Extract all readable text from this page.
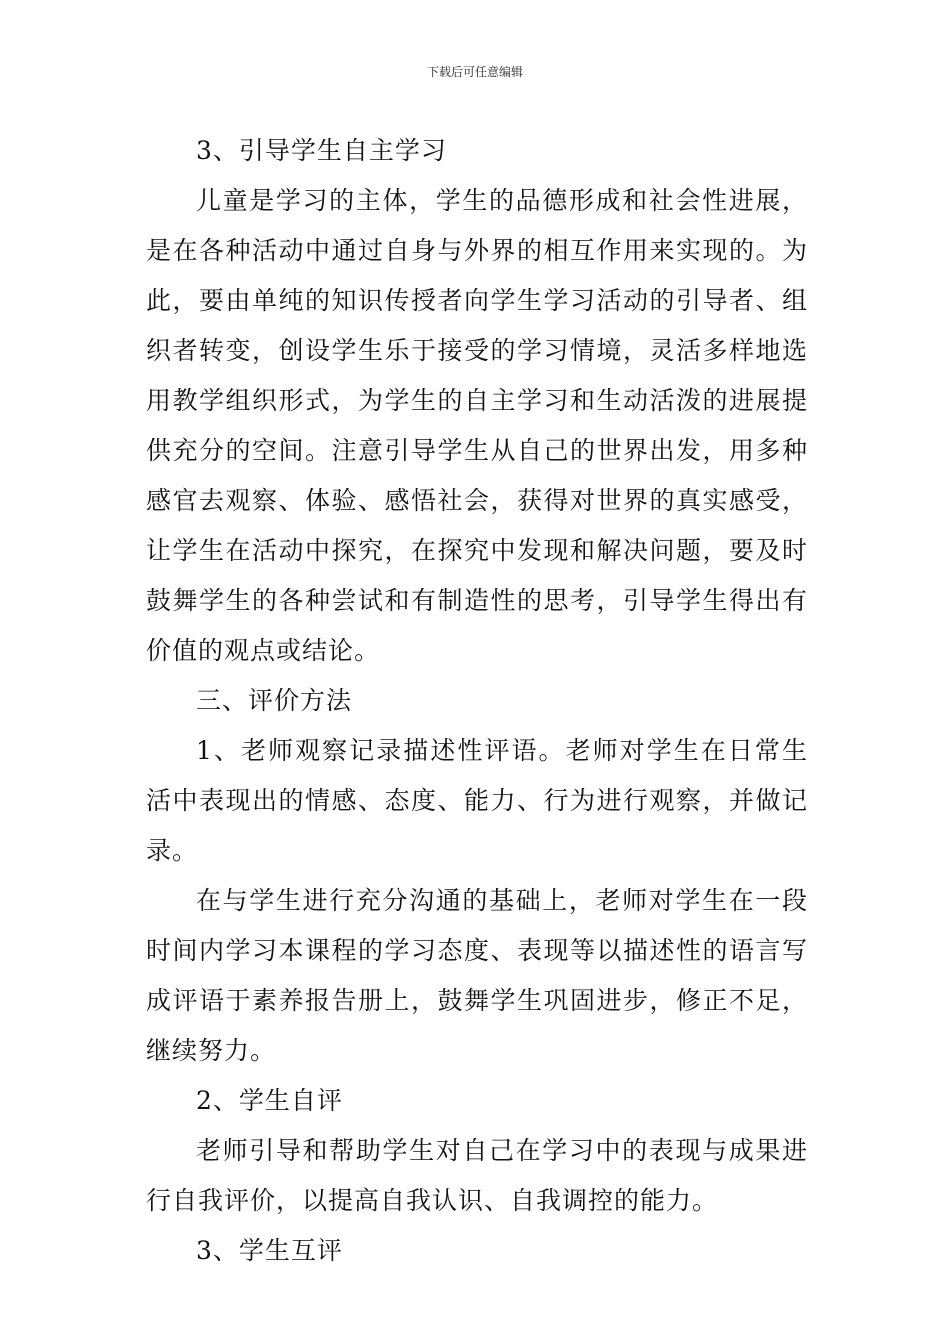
下载后可任意编辑

3、引导学生自主学习

儿童是学习的主体，学生的品德形成和社会性进展，是在各种活动中通过自身与外界的相互作用来实现的。为此，要由单纯的知识传授者向学生学习活动的引导者、组织者转变，创设学生乐于接受的学习情境，灵活多样地选用教学组织形式，为学生的自主学习和生动活泼的进展提供充分的空间。注意引导学生从自己的世界出发，用多种感官去观察、体验、感悟社会，获得对世界的真实感受，让学生在活动中探究，在探究中发现和解决问题，要及时鼓舞学生的各种尝试和有制造性的思考，引导学生得出有价值的观点或结论。

三、评价方法

1、老师观察记录描述性评语。老师对学生在日常生活中表现出的情感、态度、能力、行为进行观察，并做记录。

在与学生进行充分沟通的基础上，老师对学生在一段时间内学习本课程的学习态度、表现等以描述性的语言写成评语于素养报告册上，鼓舞学生巩固进步，修正不足，继续努力。

2、学生自评

老师引导和帮助学生对自己在学习中的表现与成果进行自我评价，以提高自我认识、自我调控的能力。

3、学生互评
